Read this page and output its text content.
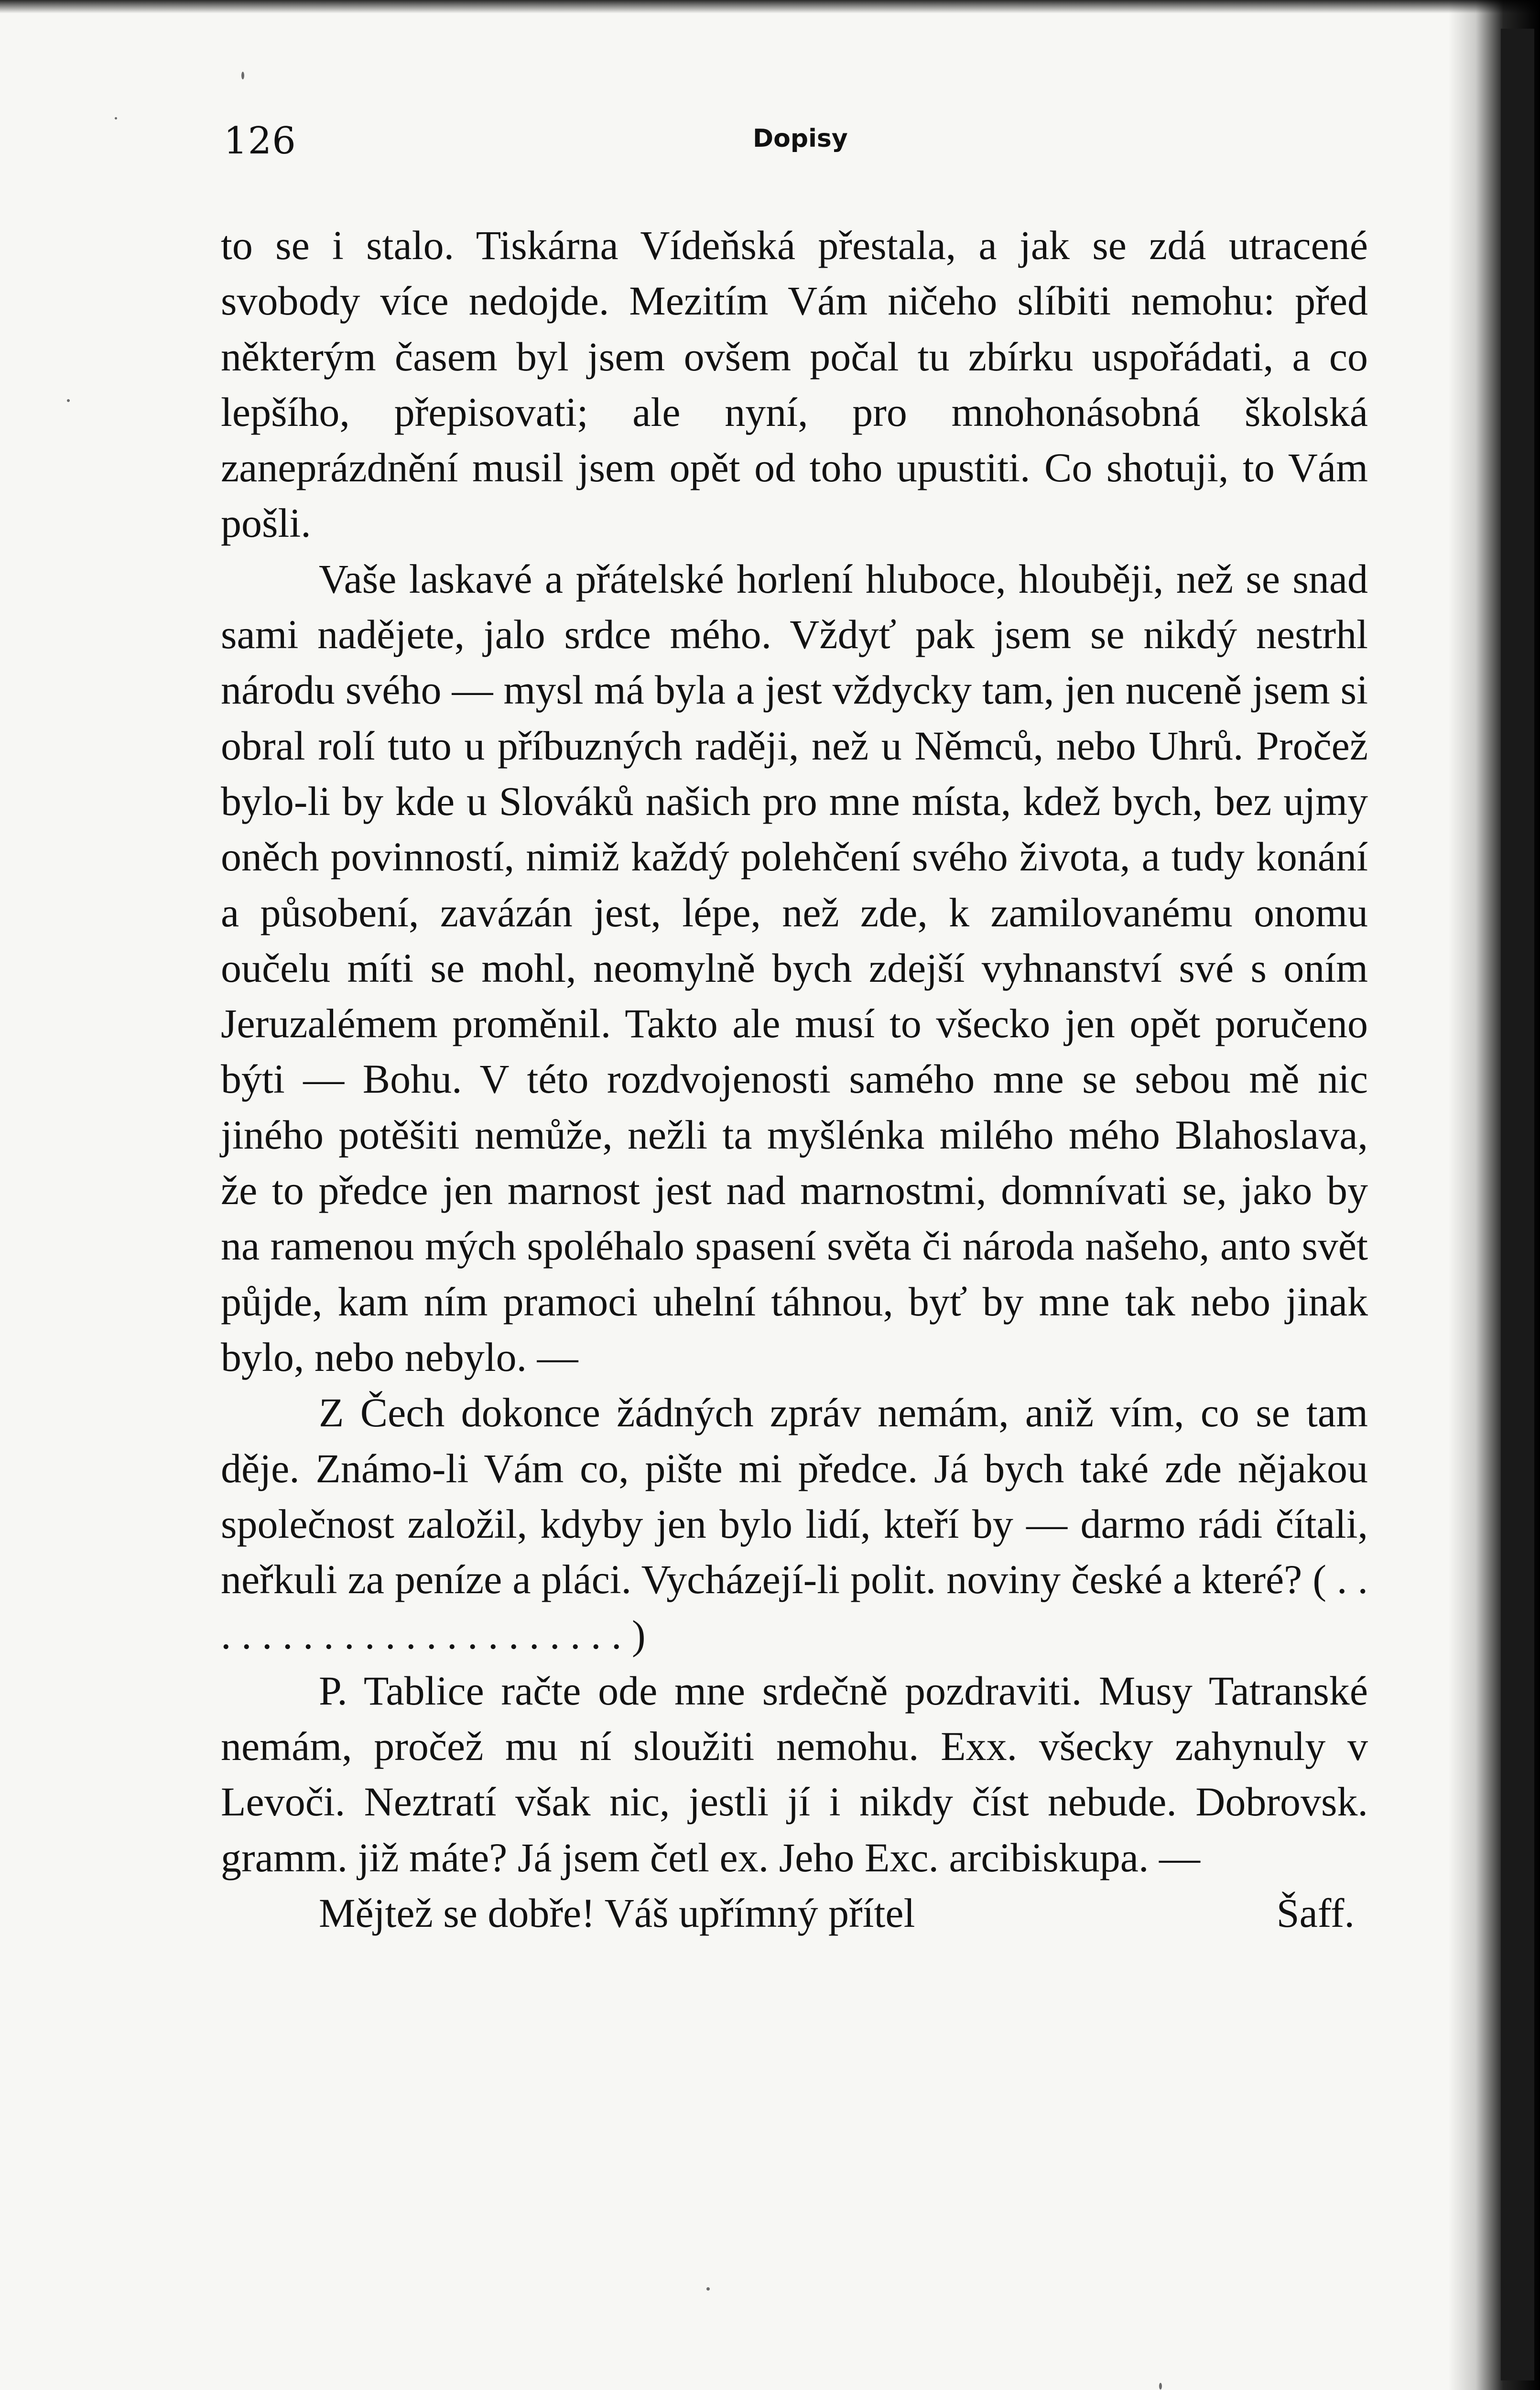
126	Dopisy

to se i stalo. Tiskárna Vídeňská přestala, a jak se zdá utracené svobody více nedojde. Mezitím Vám ničeho slíbiti nemohu: před některým časem byl jsem ovšem počal tu zbírku uspořádati, a co lepšího, přepisovati; ale nyní, pro mnohonásobná školská zaneprázdnění musil jsem opět od toho upustiti. Co shotuji, to Vám pošli.

Vaše laskavé a přátelské horlení hluboce, hlouběji, než se snad sami nadějete, jalo srdce mého. Vždyť pak jsem se nikdý nestrhl národu svého — mysl má byla a jest vždycky tam, jen nuceně jsem si obral rolí tuto u příbuzných raději, než u Němců, nebo Uhrů. Pročež bylo-li by kde u Slováků našich pro mne místa, kdež bych, bez ujmy oněch povinností, nimiž každý polehčení svého života, a tudy konání a působení, zavázán jest, lépe, než zde, k zamilovanému onomu oučelu míti se mohl, neomylně bych zdejší vyhnanství své s oním Jeruzalémem proměnil. Takto ale musí to všecko jen opět poručeno býti — Bohu. V této rozdvojenosti samého mne se sebou mě nic jiného potěšiti nemůže, nežli ta myšlénka milého mého Blahoslava, že to předce jen marnost jest nad marnostmi, domnívati se, jako by na ramenou mých spoléhalo spasení světa či národa našeho, anto svět půjde, kam ním pramoci uhelní táhnou, byť by mne tak nebo jinak bylo, nebo nebylo. —

Z Čech dokonce žádných zpráv nemám, aniž vím, co se tam děje. Známo-li Vám co, pište mi předce. Já bych také zde nějakou společnost založil, kdyby jen bylo lidí, kteří by — darmo rádi čítali, neřkuli za peníze a pláci. Vycházejí-li polit. noviny české a které? ( . . . . . . . . . . . . . . . . . . . . . . )

P. Tablice račte ode mne srdečně pozdraviti. Musy Tatranské nemám, pročež mu ní sloužiti nemohu. Exx. všecky zahynuly v Levoči. Neztratí však nic, jestli jí i nikdy číst nebude. Dobrovsk. gramm. již máte? Já jsem četl ex. Jeho Exc. arcibiskupa. —

Mějtež se dobře! Váš upřímný přítel	Šaff.
